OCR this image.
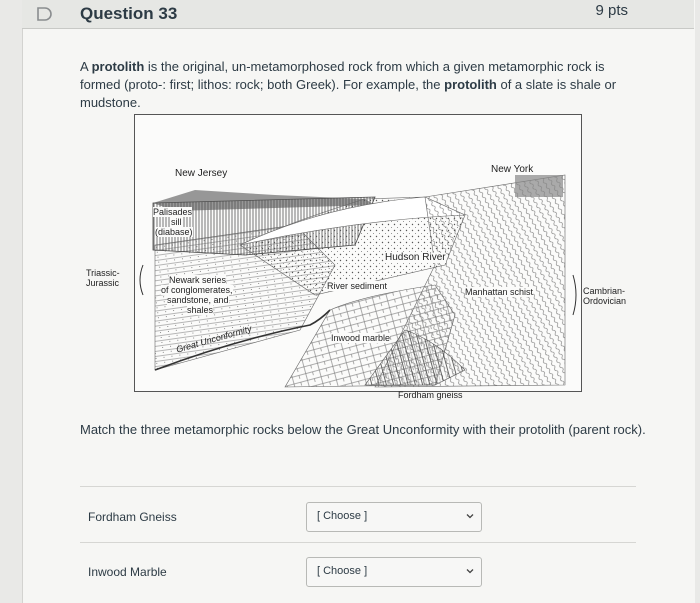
Question 33	9 pts
A protolith is the original, un-metamorphosed rock from which a given metamorphic rock is formed (proto-: first; lithos: rock; both Greek). For example, the protolith of a slate is shale or mudstone.
New Jersey	New York
Palisades
sill
(diabase)
Hudson River
Newark series
of conglomerates,
sandstone, and
shales
River sediment
Manhattan schist
Inwood marble
Great Unconformity
Triassic-
Jurassic
Cambrian-
Ordovician
Fordham gneiss
Match the three metamorphic rocks below the Great Unconformity with their protolith (parent rock).
Fordham Gneiss	[ Choose ]
Inwood Marble	[ Choose ]
